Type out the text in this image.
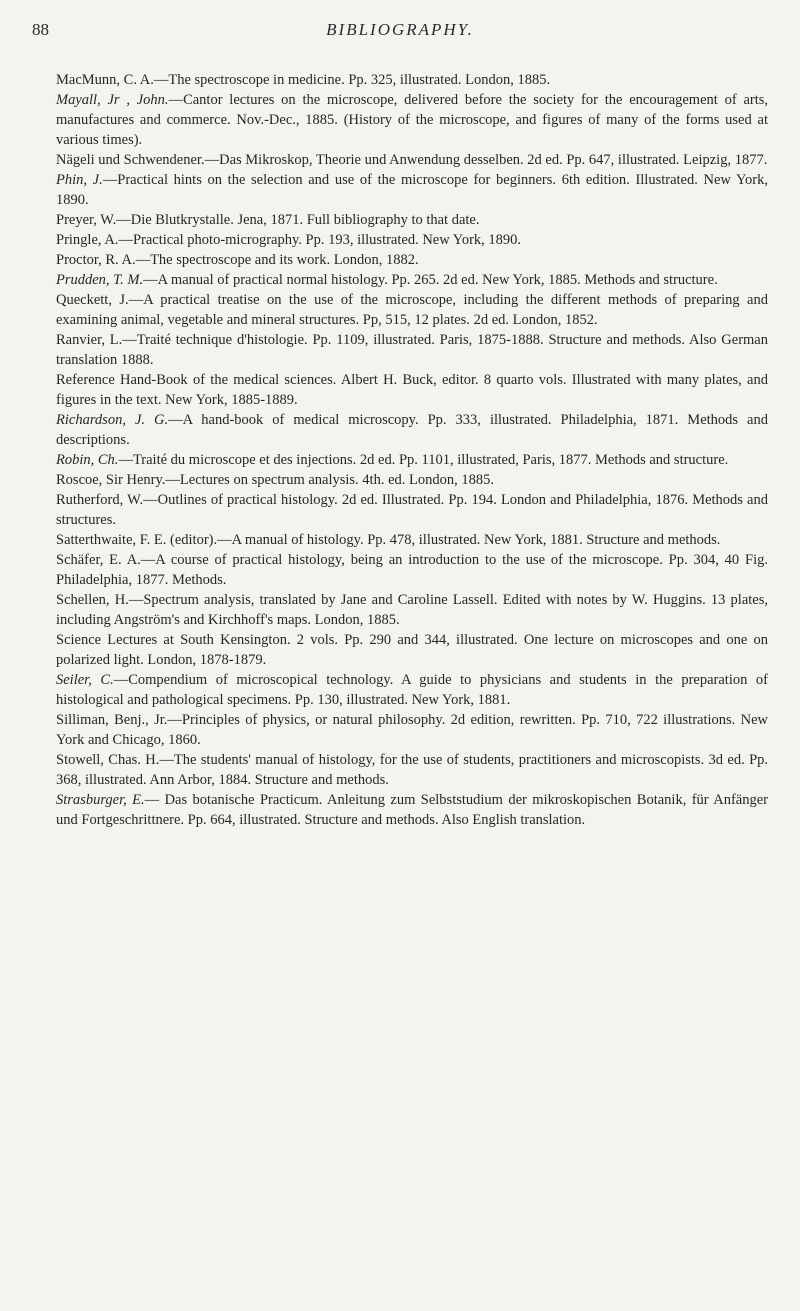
88	BIBLIOGRAPHY.

MacMunn, C. A.—The spectroscope in medicine. Pp. 325, illustrated. London, 1885.

Mayall, Jr , John.—Cantor lectures on the microscope, delivered before the society for the encouragement of arts, manufactures and commerce. Nov.-Dec., 1885. (History of the microscope, and figures of many of the forms used at various times).

Nägeli und Schwendener.—Das Mikroskop, Theorie und Anwendung desselben. 2d ed. Pp. 647, illustrated. Leipzig, 1877.

Phin, J.—Practical hints on the selection and use of the microscope for beginners. 6th edition. Illustrated. New York, 1890.

Preyer, W.—Die Blutkrystalle. Jena, 1871. Full bibliography to that date.

Pringle, A.—Practical photo-micrography. Pp. 193, illustrated. New York, 1890.

Proctor, R. A.—The spectroscope and its work. London, 1882.

Prudden, T. M.—A manual of practical normal histology. Pp. 265. 2d ed. New York, 1885. Methods and structure.

Queckett, J.—A practical treatise on the use of the microscope, including the different methods of preparing and examining animal, vegetable and mineral structures. Pp, 515, 12 plates. 2d ed. London, 1852.

Ranvier, L.—Traité technique d'histologie. Pp. 1109, illustrated. Paris, 1875-1888. Structure and methods. Also German translation 1888.

Reference Hand-Book of the medical sciences. Albert H. Buck, editor. 8 quarto vols. Illustrated with many plates, and figures in the text. New York, 1885-1889.

Richardson, J. G.—A hand-book of medical microscopy. Pp. 333, illustrated. Philadelphia, 1871. Methods and descriptions.

Robin, Ch.—Traité du microscope et des injections. 2d ed. Pp. 1101, illustrated, Paris, 1877. Methods and structure.

Roscoe, Sir Henry.—Lectures on spectrum analysis. 4th. ed. London, 1885.

Rutherford, W.—Outlines of practical histology. 2d ed. Illustrated. Pp. 194. London and Philadelphia, 1876. Methods and structures.

Satterthwaite, F. E. (editor).—A manual of histology. Pp. 478, illustrated. New York, 1881. Structure and methods.

Schäfer, E. A.—A course of practical histology, being an introduction to the use of the microscope. Pp. 304, 40 Fig. Philadelphia, 1877. Methods.

Schellen, H.—Spectrum analysis, translated by Jane and Caroline Lassell. Edited with notes by W. Huggins. 13 plates, including Angström's and Kirchhoff's maps. London, 1885.

Science Lectures at South Kensington. 2 vols. Pp. 290 and 344, illustrated. One lecture on microscopes and one on polarized light. London, 1878-1879.

Seiler, C.—Compendium of microscopical technology. A guide to physicians and students in the preparation of histological and pathological specimens. Pp. 130, illustrated. New York, 1881.

Silliman, Benj., Jr.—Principles of physics, or natural philosophy. 2d edition, rewritten. Pp. 710, 722 illustrations. New York and Chicago, 1860.

Stowell, Chas. H.—The students' manual of histology, for the use of students, practitioners and microscopists. 3d ed. Pp. 368, illustrated. Ann Arbor, 1884. Structure and methods.

Strasburger, E.— Das botanische Practicum. Anleitung zum Selbststudium der mikroskopischen Botanik, für Anfänger und Fortgeschrittnere. Pp. 664, illustrated. Structure and methods. Also English translation.
